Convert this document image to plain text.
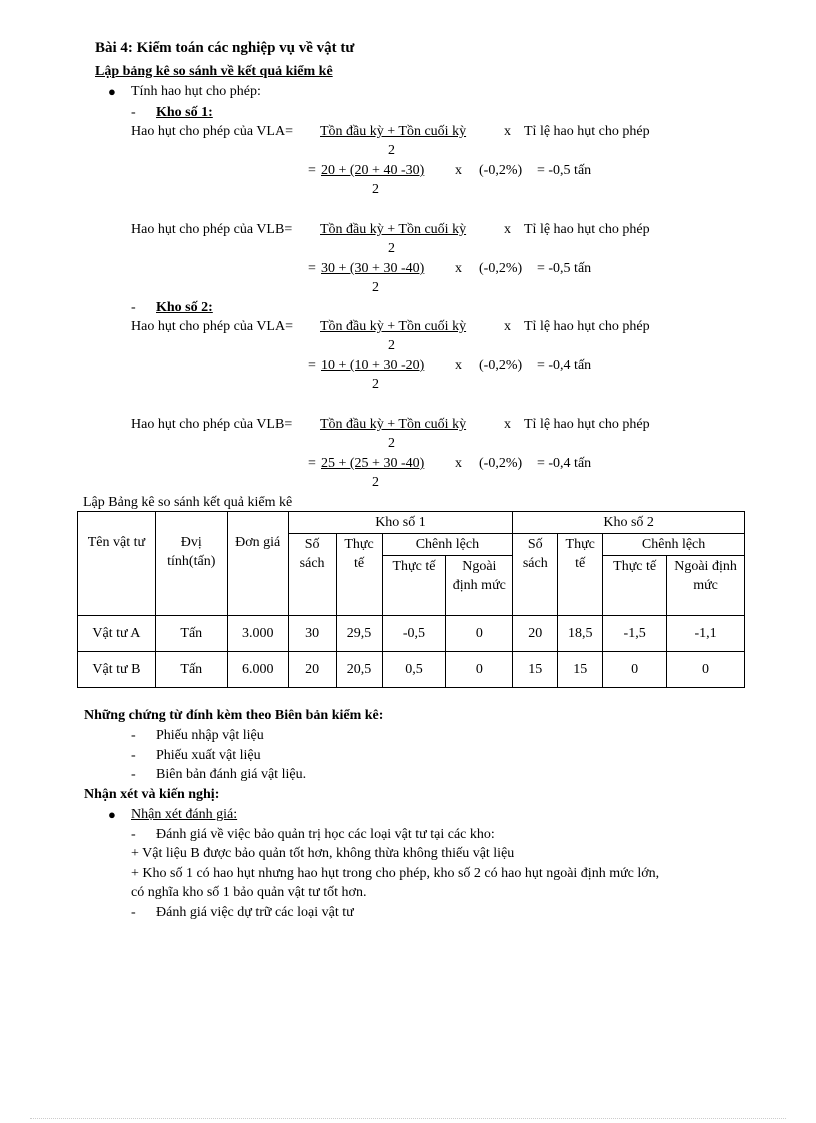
Bài 4: Kiểm toán các nghiệp vụ về vật tư
Lập bảng kê so sánh về kết quả kiểm kê
● Tính hao hụt cho phép:
- Kho số 1:
Hao hụt cho phép của VLA= Tồn đầu kỳ + Tồn cuối kỳ	x Tỉ lệ hao hụt cho phép
2
= 20 + (20 + 40 -30) x (-0,2%) = -0,5 tấn
2
Hao hụt cho phép của VLB= Tồn đầu kỳ + Tồn cuối kỳ	x Tỉ lệ hao hụt cho phép
2
= 30 + (30 + 30 -40) x (-0,2%) = -0,5 tấn
2
- Kho số 2:
Hao hụt cho phép của VLA= Tồn đầu kỳ + Tồn cuối kỳ	x Tỉ lệ hao hụt cho phép
2
= 10 + (10 + 30 -20) x (-0,2%) = -0,4 tấn
2
Hao hụt cho phép của VLB= Tồn đầu kỳ + Tồn cuối kỳ	x Tỉ lệ hao hụt cho phép
2
= 25 + (25 + 30 -40) x (-0,2%) = -0,4 tấn
2
Lập Bảng kê so sánh kết quả kiểm kê
Tên vật tư	Đvị tính(tấn)	Đơn giá	Kho số 1				Kho số 2			
			Số sách	Thực tế	Chênh lệch		Số sách	Thực tế	Chênh lệch	
					Thực tế	Ngoài định mức			Thực tế	Ngoài định mức
Vật tư A	Tấn	3.000	30	29,5	-0,5	0	20	18,5	-1,5	-1,1
Vật tư B	Tấn	6.000	20	20,5	0,5	0	15	15	0	0
Những chứng từ đính kèm theo Biên bản kiểm kê:
- Phiếu nhập vật liệu
- Phiếu xuất vật liệu
- Biên bản đánh giá vật liệu.
Nhận xét và kiến nghị:
● Nhận xét đánh giá:
- Đánh giá về việc bảo quản trị học các loại vật tư tại các kho:
+ Vật liệu B được bảo quản tốt hơn, không thừa không thiếu vật liệu
+ Kho số 1 có hao hụt nhưng hao hụt trong cho phép, kho số 2 có hao hụt ngoài định mức lớn,
có nghĩa kho số 1 bảo quản vật tư tốt hơn.
- Đánh giá việc dự trữ các loại vật tư
